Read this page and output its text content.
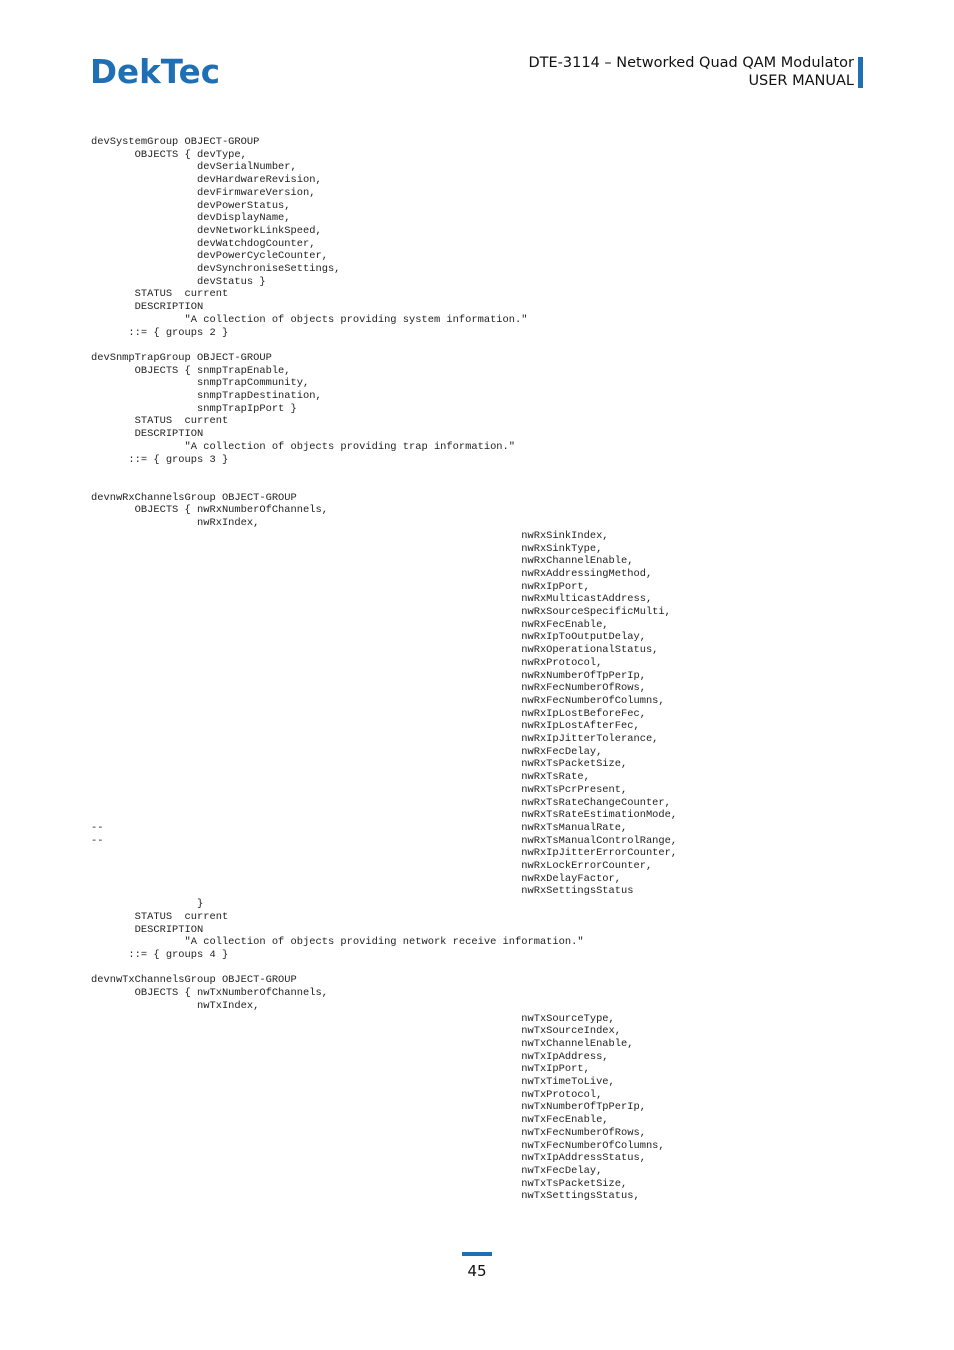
DekTec	DTE-3114 – Networked Quad QAM Modulator
USER MANUAL
devSystemGroup OBJECT-GROUP
OBJECTS { devType,
devSerialNumber,
devHardwareRevision,
devFirmwareVersion,
devPowerStatus,
devDisplayName,
devNetworkLinkSpeed,
devWatchdogCounter,
devPowerCycleCounter,
devSynchroniseSettings,
devStatus }
STATUS  current
DESCRIPTION
"A collection of objects providing system information."
::= { groups 2 }

devSnmpTrapGroup OBJECT-GROUP
OBJECTS { snmpTrapEnable,
snmpTrapCommunity,
snmpTrapDestination,
snmpTrapIpPort }
STATUS  current
DESCRIPTION
"A collection of objects providing trap information."
::= { groups 3 }

devnwRxChannelsGroup OBJECT-GROUP
OBJECTS { nwRxNumberOfChannels,
nwRxIndex,
nwRxSinkIndex,
nwRxSinkType,
nwRxChannelEnable,
nwRxAddressingMethod,
nwRxIpPort,
nwRxMulticastAddress,
nwRxSourceSpecificMulti,
nwRxFecEnable,
nwRxIpToOutputDelay,
nwRxOperationalStatus,
nwRxProtocol,
nwRxNumberOfTpPerIp,
nwRxFecNumberOfRows,
nwRxFecNumberOfColumns,
nwRxIpLostBeforeFec,
nwRxIpLostAfterFec,
nwRxIpJitterTolerance,
nwRxFecDelay,
nwRxTsPacketSize,
nwRxTsRate,
nwRxTsPcrPresent,
nwRxTsRateChangeCounter,
nwRxTsRateEstimationMode,
--                                                                   nwRxTsManualRate,
--                                                                   nwRxTsManualControlRange,
nwRxIpJitterErrorCounter,
nwRxLockErrorCounter,
nwRxDelayFactor,
nwRxSettingsStatus
}
STATUS  current
DESCRIPTION
"A collection of objects providing network receive information."
::= { groups 4 }

devnwTxChannelsGroup OBJECT-GROUP
OBJECTS { nwTxNumberOfChannels,
nwTxIndex,
nwTxSourceType,
nwTxSourceIndex,
nwTxChannelEnable,
nwTxIpAddress,
nwTxIpPort,
nwTxTimeToLive,
nwTxProtocol,
nwTxNumberOfTpPerIp,
nwTxFecEnable,
nwTxFecNumberOfRows,
nwTxFecNumberOfColumns,
nwTxIpAddressStatus,
nwTxFecDelay,
nwTxTsPacketSize,
nwTxSettingsStatus,
45
